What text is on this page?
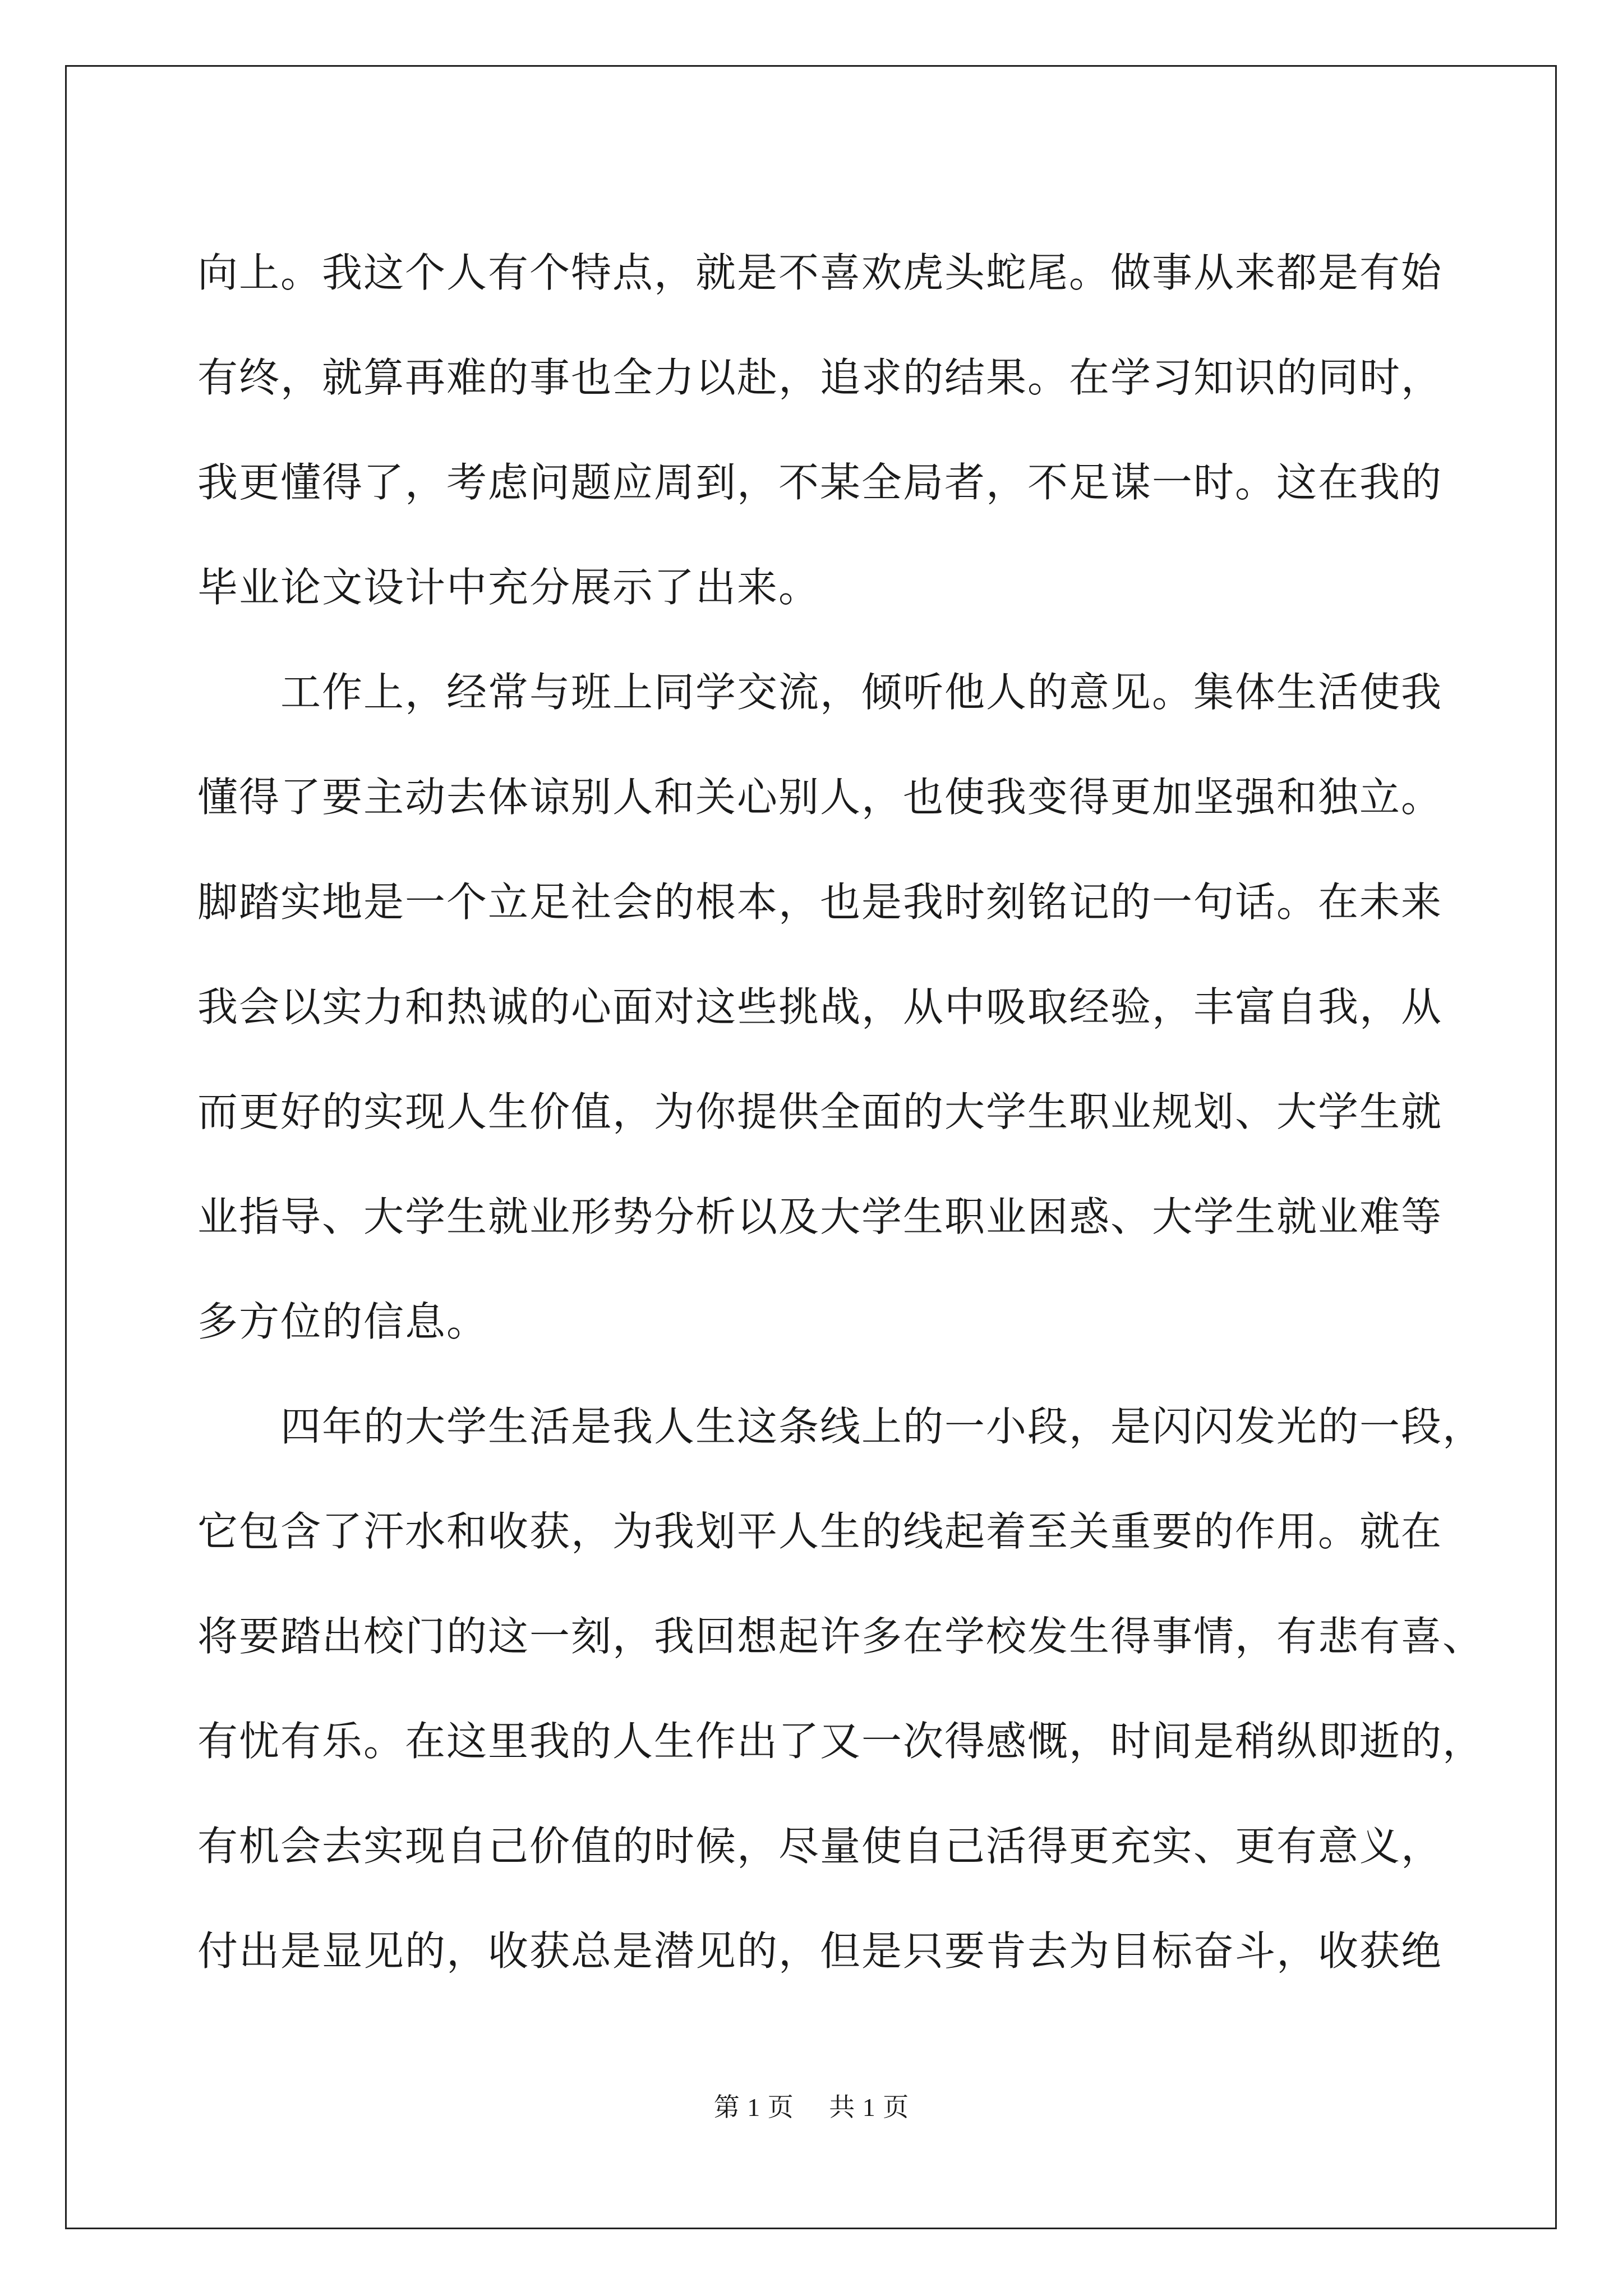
向上。我这个人有个特点，就是不喜欢虎头蛇尾。做事从来都是有始
有终，就算再难的事也全力以赴，追求的结果。在学习知识的同时，
我更懂得了，考虑问题应周到，不某全局者，不足谋一时。这在我的
毕业论文设计中充分展示了出来。
　　工作上，经常与班上同学交流，倾听他人的意见。集体生活使我
懂得了要主动去体谅别人和关心别人，也使我变得更加坚强和独立。
脚踏实地是一个立足社会的根本，也是我时刻铭记的一句话。在未来
我会以实力和热诚的心面对这些挑战，从中吸取经验，丰富自我，从
而更好的实现人生价值，为你提供全面的大学生职业规划、大学生就
业指导、大学生就业形势分析以及大学生职业困惑、大学生就业难等
多方位的信息。
　　四年的大学生活是我人生这条线上的一小段，是闪闪发光的一段，
它包含了汗水和收获，为我划平人生的线起着至关重要的作用。就在
将要踏出校门的这一刻，我回想起许多在学校发生得事情，有悲有喜、
有忧有乐。在这里我的人生作出了又一次得感慨，时间是稍纵即逝的，
有机会去实现自己价值的时候，尽量使自己活得更充实、更有意义，
付出是显见的，收获总是潜见的，但是只要肯去为目标奋斗，收获绝
第 1 页 共 1 页
